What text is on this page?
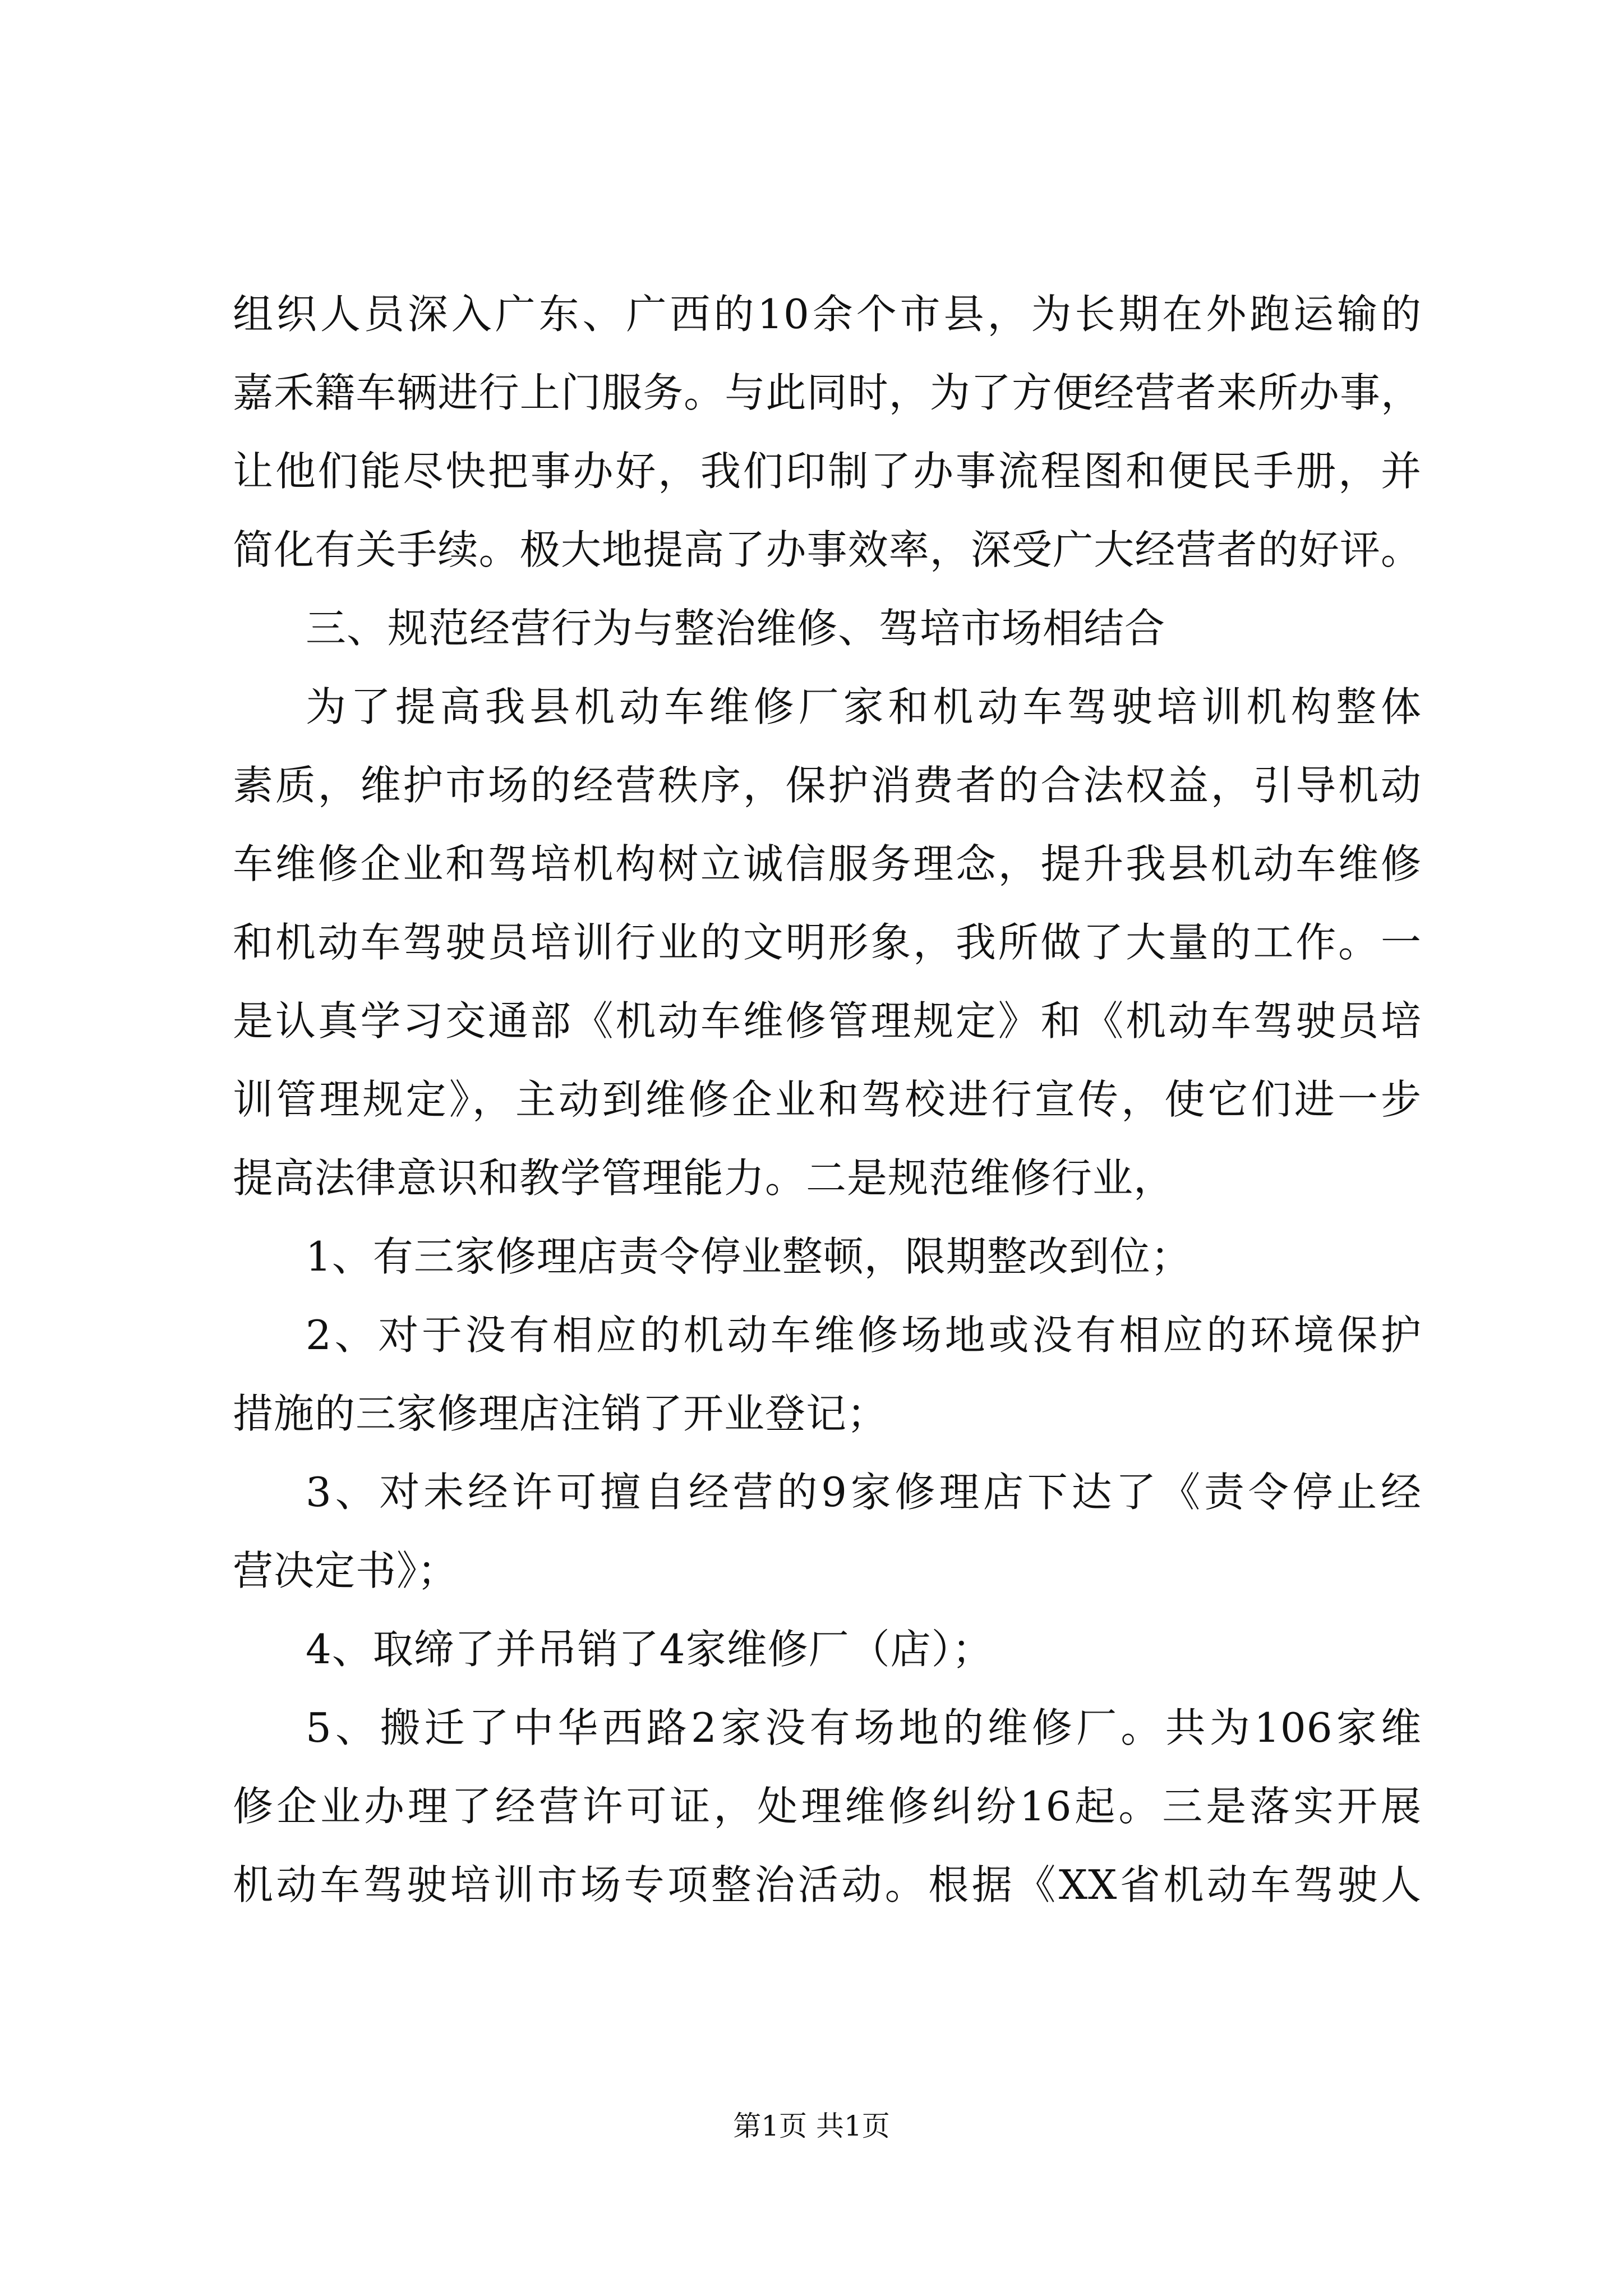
组织人员深入广东、广西的10余个市县，为长期在外跑运输的
嘉禾籍车辆进行上门服务。与此同时，为了方便经营者来所办事，
让他们能尽快把事办好，我们印制了办事流程图和便民手册，并
简化有关手续。极大地提高了办事效率，深受广大经营者的好评。
三、规范经营行为与整治维修、驾培市场相结合
为了提高我县机动车维修厂家和机动车驾驶培训机构整体
素质，维护市场的经营秩序，保护消费者的合法权益，引导机动
车维修企业和驾培机构树立诚信服务理念，提升我县机动车维修
和机动车驾驶员培训行业的文明形象，我所做了大量的工作。一
是认真学习交通部《机动车维修管理规定》和《机动车驾驶员培
训管理规定》，主动到维修企业和驾校进行宣传，使它们进一步
提高法律意识和教学管理能力。二是规范维修行业，
1、有三家修理店责令停业整顿，限期整改到位；
2、对于没有相应的机动车维修场地或没有相应的环境保护
措施的三家修理店注销了开业登记；
3、对未经许可擅自经营的9家修理店下达了《责令停止经
营决定书》；
4、取缔了并吊销了4家维修厂（店）；
5、搬迁了中华西路2家没有场地的维修厂。共为106家维
修企业办理了经营许可证，处理维修纠纷16起。三是落实开展
机动车驾驶培训市场专项整治活动。根据《XX省机动车驾驶人
第1页 共1页
